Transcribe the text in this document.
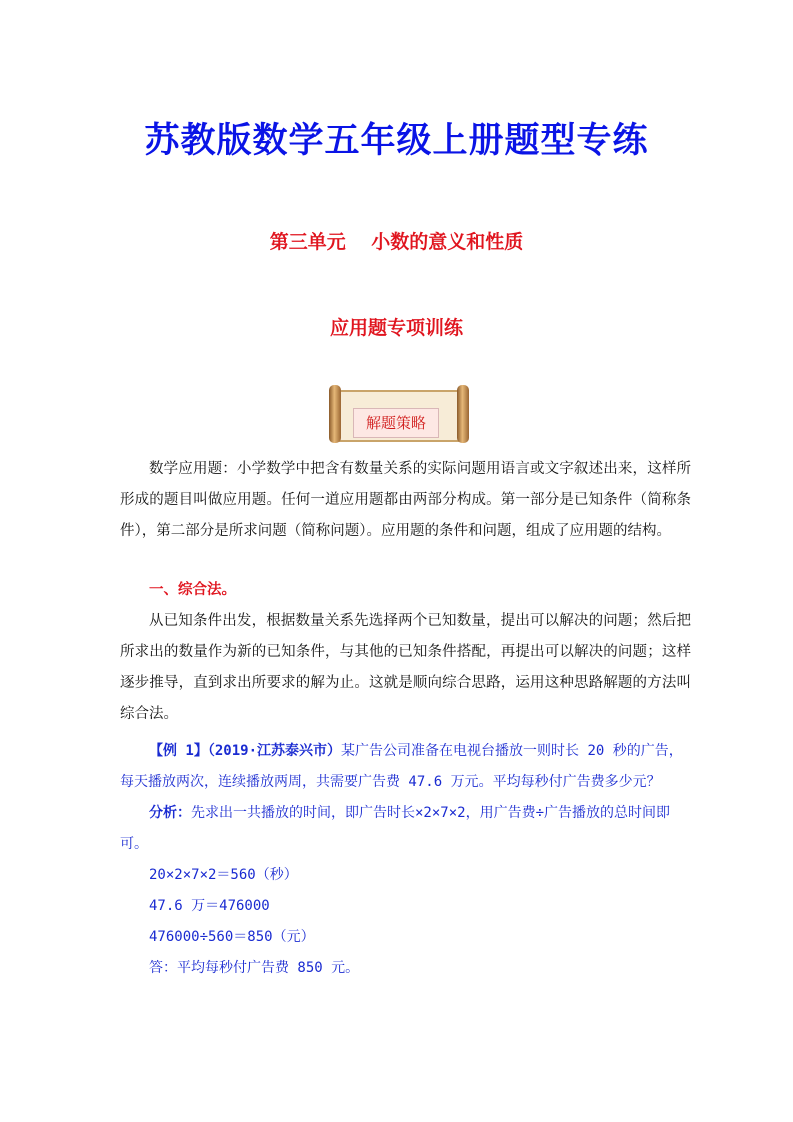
苏教版数学五年级上册题型专练
第三单元　 小数的意义和性质
应用题专项训练
解题策略

数学应用题：小学数学中把含有数量关系的实际问题用语言或文字叙述出来，这样所形成的题目叫做应用题。任何一道应用题都由两部分构成。第一部分是已知条件（简称条件），第二部分是所求问题（简称问题）。应用题的条件和问题，组成了应用题的结构。

一、综合法。

从已知条件出发，根据数量关系先选择两个已知数量，提出可以解决的问题；然后把所求出的数量作为新的已知条件，与其他的已知条件搭配，再提出可以解决的问题；这样逐步推导，直到求出所要求的解为止。这就是顺向综合思路，运用这种思路解题的方法叫综合法。

【例 1】（2019·江苏泰兴市）某广告公司准备在电视台播放一则时长 20 秒的广告，每天播放两次，连续播放两周，共需要广告费 47.6 万元。平均每秒付广告费多少元？

分析：先求出一共播放的时间，即广告时长×2×7×2，用广告费÷广告播放的总时间即可。

20×2×7×2＝560（秒）

47.6 万＝476000

476000÷560＝850（元）

答：平均每秒付广告费 850 元。
